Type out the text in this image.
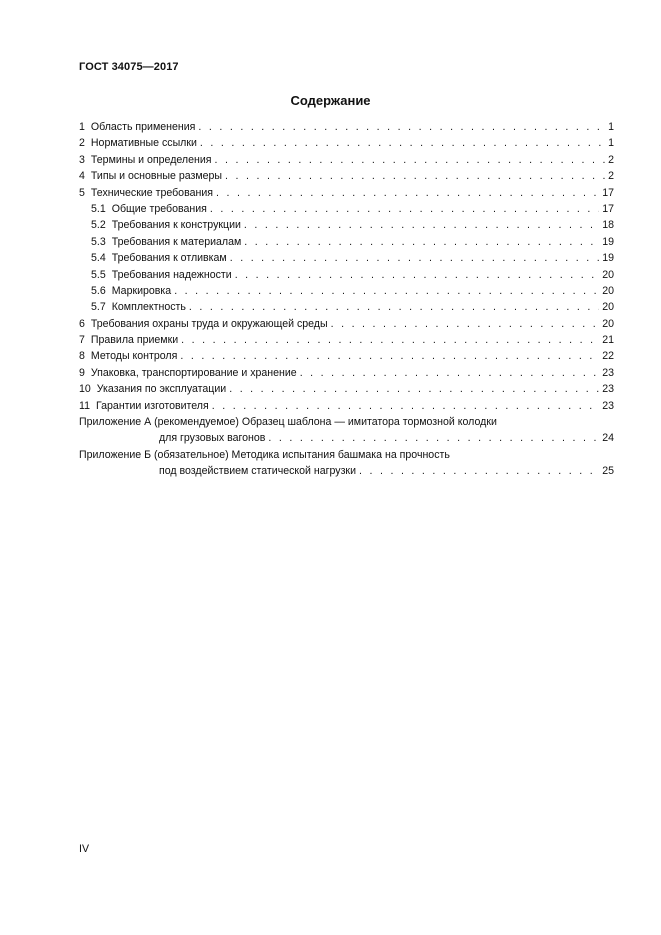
ГОСТ 34075—2017
Содержание
1 Область применения . . .	1
2 Нормативные ссылки . . .	1
3 Термины и определения . . .	2
4 Типы и основные размеры . . .	2
5 Технические требования . . .	17
5.1 Общие требования . . .	17
5.2 Требования к конструкции . . .	18
5.3 Требования к материалам . . .	19
5.4 Требования к отливкам . . .	19
5.5 Требования надежности . . .	20
5.6 Маркировка . . .	20
5.7 Комплектность . . .	20
6 Требования охраны труда и окружающей среды . . .	20
7 Правила приемки . . .	21
8 Методы контроля . . .	22
9 Упаковка, транспортирование и хранение . . .	23
10 Указания по эксплуатации . . .	23
11 Гарантии изготовителя . . .	23
Приложение А (рекомендуемое) Образец шаблона — имитатора тормозной колодки
для грузовых вагонов . . .	24
Приложение Б (обязательное) Методика испытания башмака на прочность
под воздействием статической нагрузки . . .	25
IV
